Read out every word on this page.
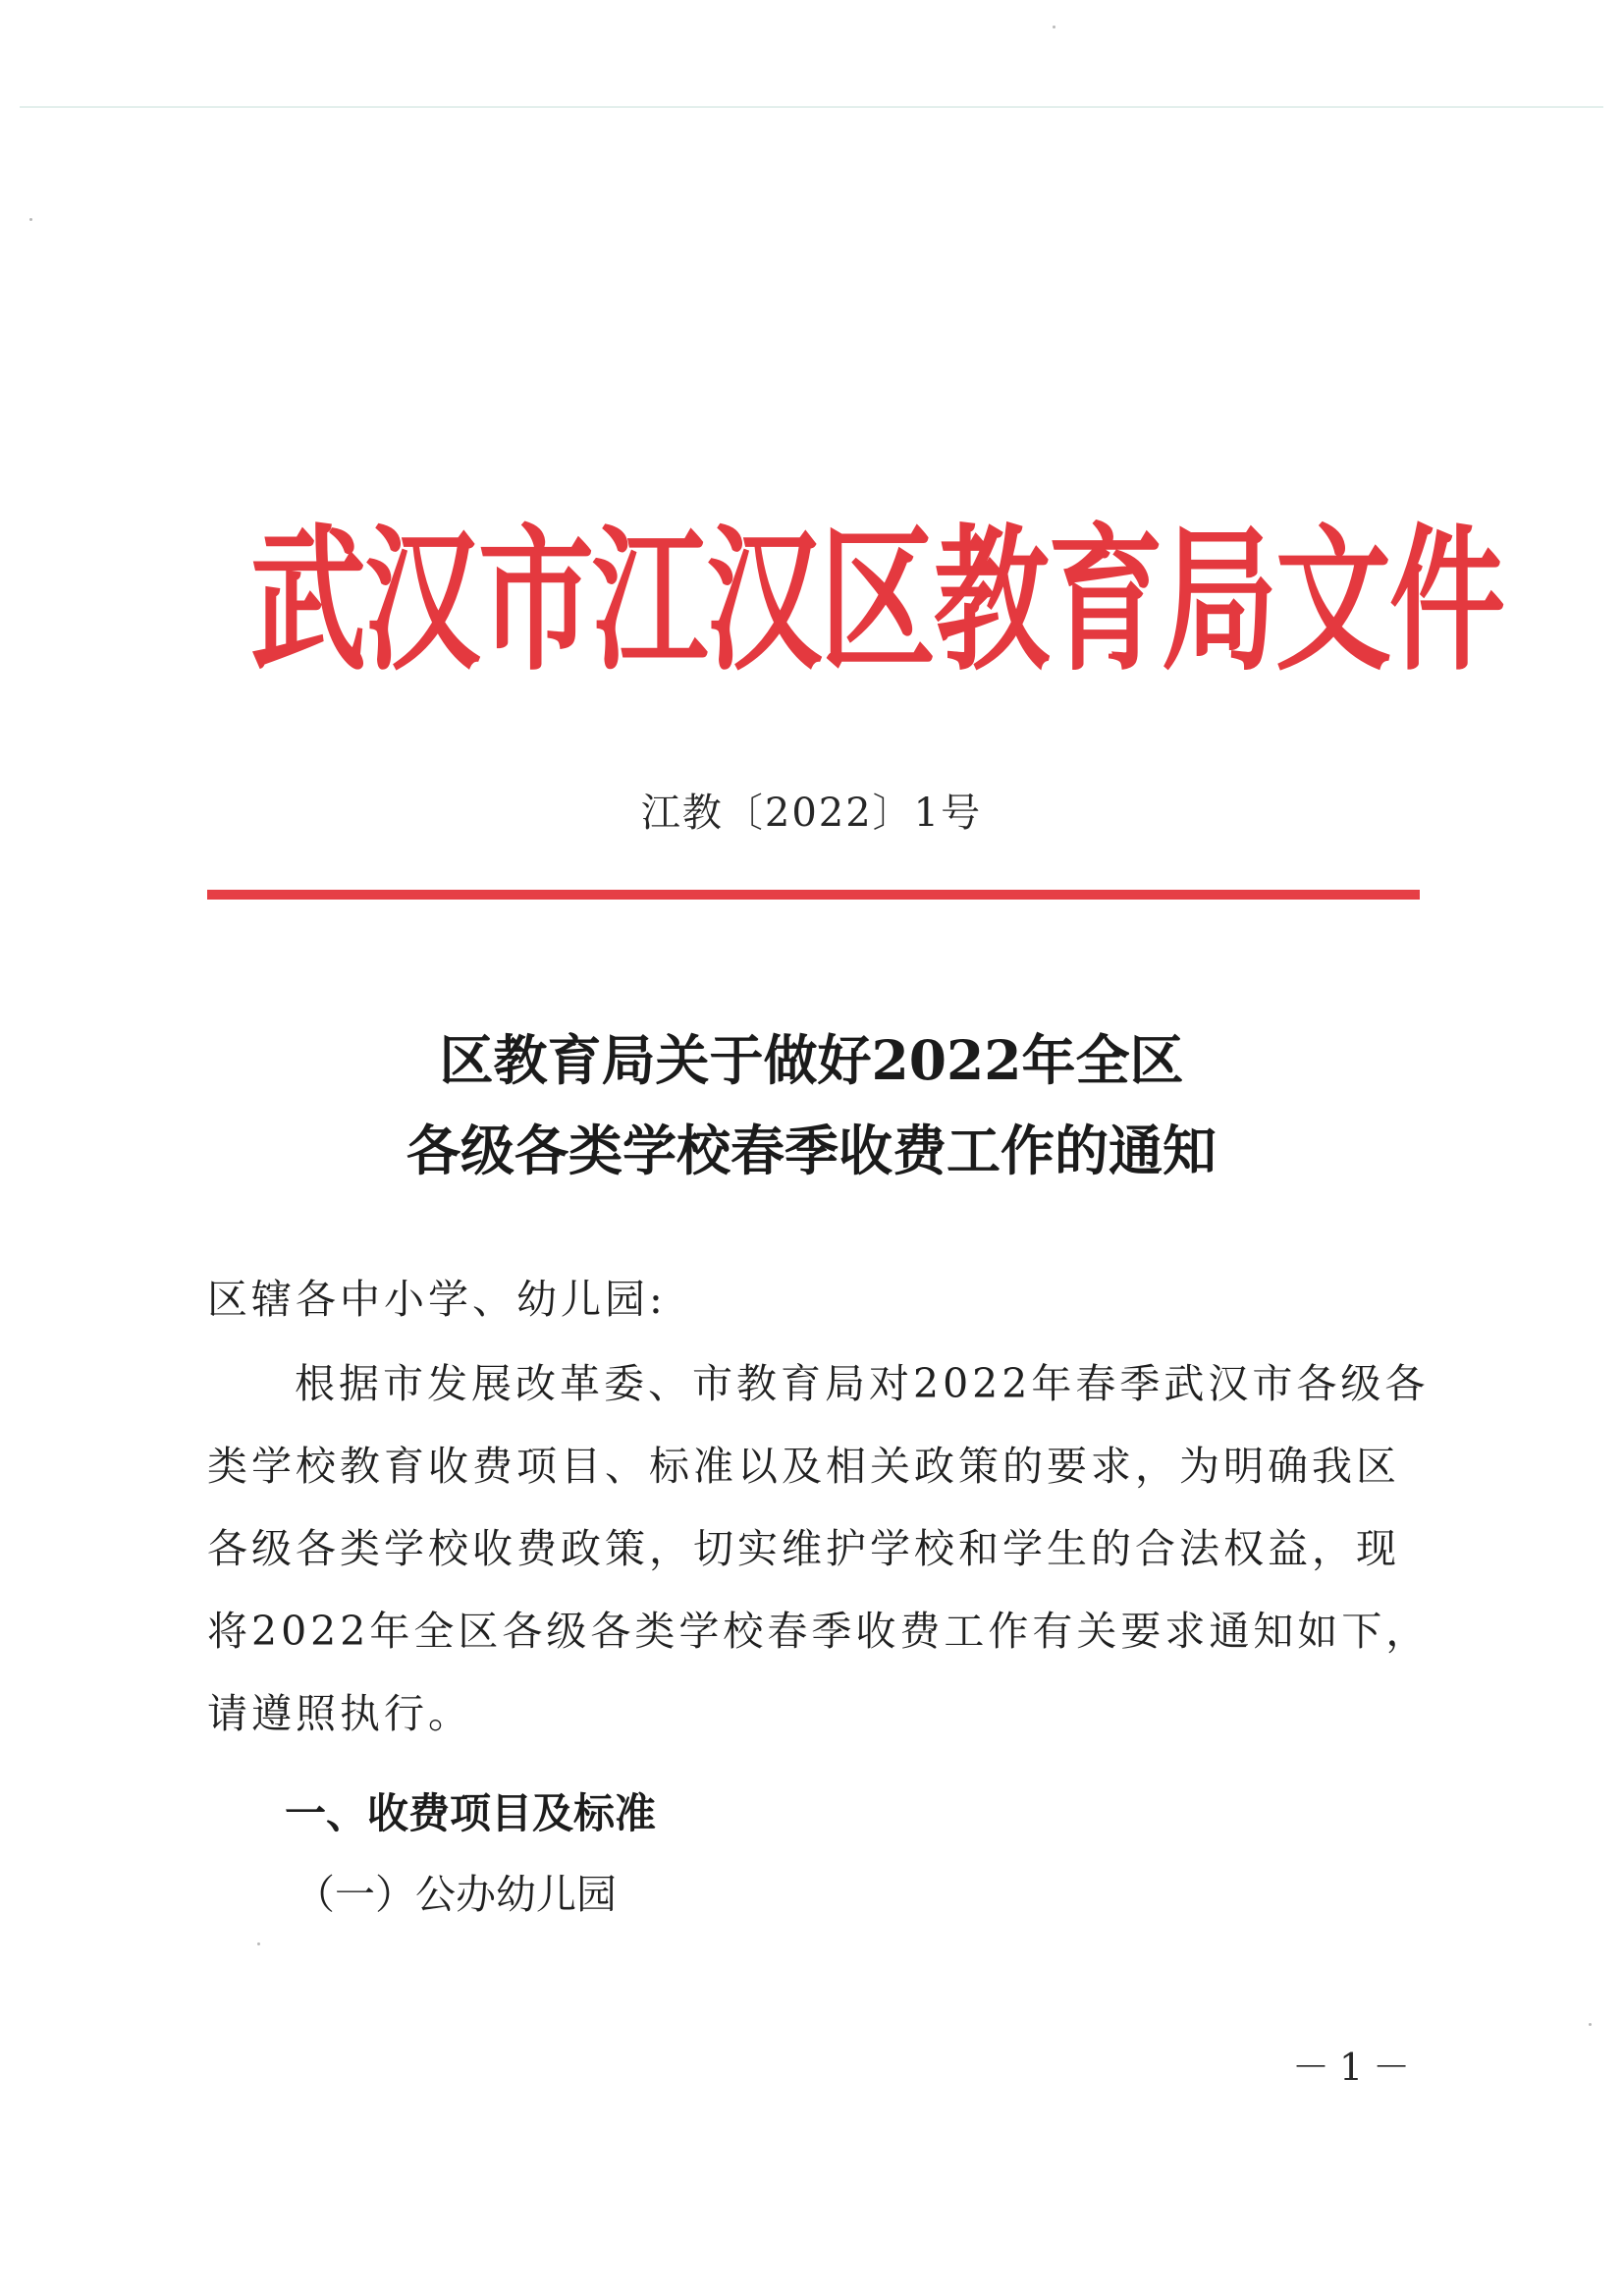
武
汉
市
江
汉
区
教
育
局
文
件
江教〔2022〕1号
区教育局关于做好2022年全区
各级各类学校春季收费工作的通知
区辖各中小学、幼儿园:
根据市发展改革委、市教育局对2022年春季武汉市各级各
类学校教育收费项目、标准以及相关政策的要求，为明确我区
各级各类学校收费政策，切实维护学校和学生的合法权益，现
将2022年全区各级各类学校春季收费工作有关要求通知如下，
请遵照执行。
一、收费项目及标准
（一）公办幼儿园
－1－
